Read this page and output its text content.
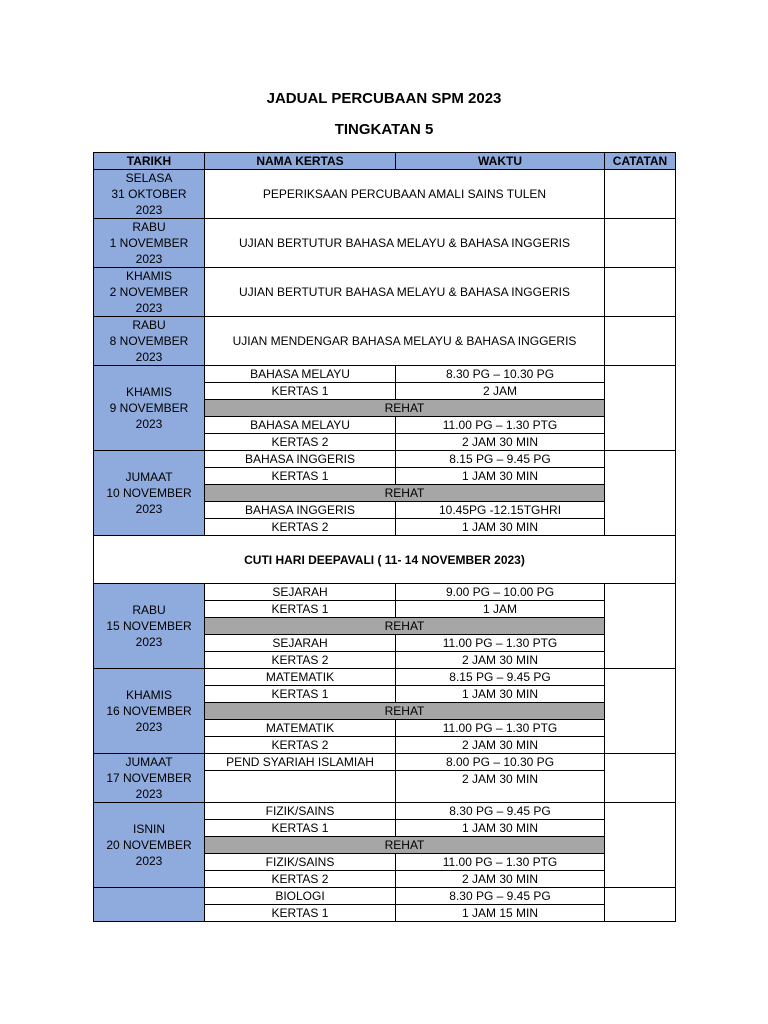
JADUAL PERCUBAAN SPM 2023
TINGKATAN 5
TARIKH	NAMA KERTAS	WAKTU	CATATAN

SELASA
31 OKTOBER
2023	PEPERIKSAAN PERCUBAAN AMALI SAINS TULEN		

RABU
1 NOVEMBER
2023	UJIAN BERTUTUR BAHASA MELAYU & BAHASA INGGERIS		

KHAMIS
2 NOVEMBER
2023	UJIAN BERTUTUR BAHASA MELAYU & BAHASA INGGERIS		

RABU
8 NOVEMBER
2023	UJIAN MENDENGAR BAHASA MELAYU & BAHASA INGGERIS		

KHAMIS
9 NOVEMBER
2023	BAHASA MELAYU	8.30 PG – 10.30 PG	
	KERTAS 1	2 JAM	
	REHAT		
	BAHASA MELAYU	11.00 PG – 1.30 PTG	
	KERTAS 2	2 JAM 30 MIN	

JUMAAT
10 NOVEMBER
2023	BAHASA INGGERIS	8.15 PG – 9.45 PG	
	KERTAS 1	1 JAM 30 MIN	
	REHAT		
	BAHASA INGGERIS	10.45PG -12.15TGHRI	
	KERTAS 2	1 JAM 30 MIN	
CUTI HARI DEEPAVALI ( 11- 14 NOVEMBER 2023)			

RABU
15 NOVEMBER
2023	SEJARAH	9.00 PG – 10.00 PG	
	KERTAS 1	1 JAM	
	REHAT		
	SEJARAH	11.00 PG – 1.30 PTG	
	KERTAS 2	2 JAM 30 MIN	

KHAMIS
16 NOVEMBER
2023	MATEMATIK	8.15 PG – 9.45 PG	
	KERTAS 1	1 JAM 30 MIN	
	REHAT		
	MATEMATIK	11.00 PG – 1.30 PTG	
	KERTAS 2	2 JAM 30 MIN	

JUMAAT
17 NOVEMBER
2023	PEND SYARIAH ISLAMIAH	8.00 PG – 10.30 PG	
		2 JAM 30 MIN	

ISNIN
20 NOVEMBER
2023	FIZIK/SAINS	8.30 PG – 9.45 PG	
	KERTAS 1	1 JAM 30 MIN	
	REHAT		
	FIZIK/SAINS	11.00 PG – 1.30 PTG	
	KERTAS 2	2 JAM 30 MIN	

	BIOLOGI	8.30 PG – 9.45 PG	
	KERTAS 1	1 JAM 15 MIN	
